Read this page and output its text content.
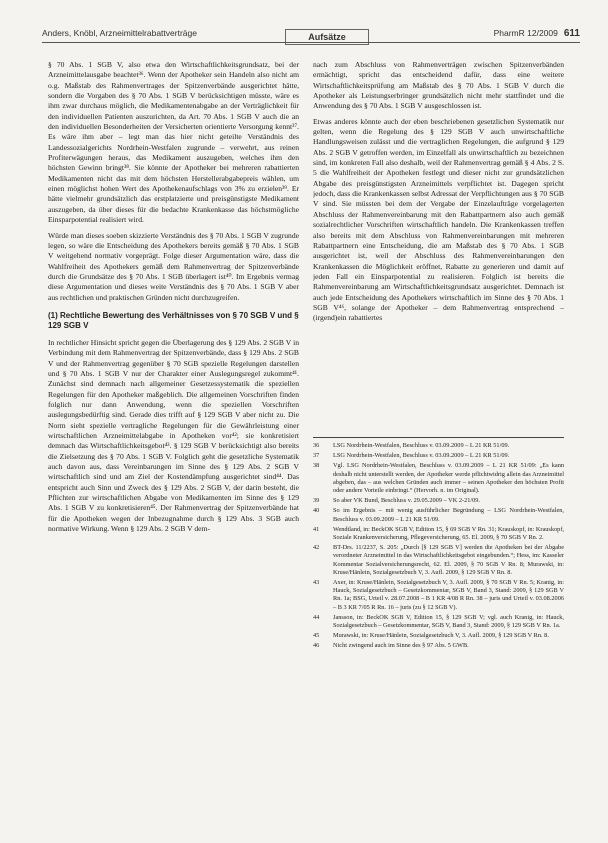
Anders, Knöbl, Arzneimittelrabattverträge	Aufsätze	PharmR 12/2009 611

§ 70 Abs. 1 SGB V, also etwa den Wirtschaftlichkeitsgrundsatz, bei der Arzneimittelausgabe beachte⁠t³⁶. Wenn der Apotheker sein Handeln also nicht am o.g. Maßstab des Rahmenvertrages der Spitzenverbände ausgerichtet hätte, sondern die Vorgaben des § 70 Abs. 1 SGB V berücksichtigen müsste, wäre es ihm zwar durchaus möglich, die Medikamentenabgabe an der Verträglichkeit für den individuellen Patienten auszurichten, da Art. 70 Abs. 1 SGB V auch die an den individuellen Besonderheiten der Versicherten orientierte Versorgung kennt³⁷. Es wäre ihm aber – legt man das hier nicht geteilte Verständnis des Landessozialgerichts Nordrhein-Westfalen zugrunde – verwehrt, aus reinen Profiterwägungen heraus, das Medikament auszugeben, welches ihm den höchsten Gewinn bringt³⁸. Sie könnte der Apotheker bei mehreren rabattierten Medikamenten nicht das mit dem höchsten Herstellerabgabepreis wählen, um einen möglichst hohen Wert des Apothekenaufschlags von 3% zu erzielen³⁹. Er hätte vielmehr grundsätzlich das erstplatzierte und preisgünstigste Medikament auszugeben, da über dieses für die bedachte Krankenkasse das höchstmögliche Einsparpotential realisiert wird.

Würde man dieses soeben skizzierte Verständnis des § 70 Abs. 1 SGB V zugrunde legen, so wäre die Entscheidung des Apothekers bereits gemäß § 70 Abs. 1 SGB V weitgehend normativ vorgeprägt. Folge dieser Argumentation wäre, dass die Wahlfreiheit des Apothekers gemäß dem Rahmenvertrag der Spitzenverbände durch die Grundsätze des § 70 Abs. 1 SGB überlagert ist⁴⁰. Im Ergebnis vermag diese Argumentation und dieses weite Verständnis des § 70 Abs. 1 SGB V aber aus rechtlichen und praktischen Gründen nicht durchzugreifen.

(1) Rechtliche Bewertung des Verhältnisses von § 70 SGB V und § 129 SGB V

In rechtlicher Hinsicht spricht gegen die Überlagerung des § 129 Abs. 2 SGB V in Verbindung mit dem Rahmenvertrag der Spitzenverbände, dass § 129 Abs. 2 SGB V und der Rahmenvertrag gegenüber § 70 SGB spezielle Regelungen darstellen und § 70 Abs. 1 SGB V nur der Charakter einer Auslegungsregel zukommt⁴¹. Zunächst sind demnach nach allgemeiner Gesetzessystematik die speziellen Regelungen für den Apotheker maßgeblich. Die allgemeinen Vorschriften finden folglich nur dann Anwendung, wenn die speziellen Vorschriften auslegungsbedürftig sind. Gerade dies trifft auf § 129 SGB V aber nicht zu. Die Norm sieht spezielle vertragliche Regelungen für die Gewährleistung einer wirtschaftlichen Arzneimittelabgabe in Apotheken vor⁴²; sie konkretisiert demnach das Wirtschaftlichkeitsgebot⁴³. § 129 SGB V berücksichtigt also bereits die Zielsetzung des § 70 Abs. 1 SGB V. Folglich geht die gesetzliche Systematik auch davon aus, dass Vereinbarungen im Sinne des § 129 Abs. 2 SGB V wirtschaftlich sind und am Ziel der Kostendämpfung ausgerichtet sind⁴⁴. Das entspricht auch Sinn und Zweck des § 129 Abs. 2 SGB V, der darin besteht, die Pflichten zur wirtschaftlichen Abgabe von Medikamenten im Sinne des § 129 Abs. 1 SGB V zu konkretisieren⁴⁵. Der Rahmenvertrag der Spitzenverbände hat für die Apotheken wegen der Inbezugnahme durch § 129 Abs. 3 SGB auch normative Wirkung. Wenn § 129 Abs. 2 SGB V dem-

nach zum Abschluss von Rahmenverträgen zwischen Spitzenverbänden ermächtigt, spricht das entscheidend dafür, dass eine weitere Wirtschaftlichkeitsprüfung am Maßstab des § 70 Abs. 1 SGB V durch die Apotheker als Leistungserbringer grundsätzlich nicht mehr stattfindet und die Anwendung des § 70 Abs. 1 SGB V ausgeschlossen ist.

Etwas anderes könnte auch der eben beschriebenen gesetzlichen Systematik nur gelten, wenn die Regelung des § 129 SGB V auch unwirtschaftliche Handlungsweisen zulässt und die vertraglichen Regelungen, die aufgrund § 129 Abs. 2 SGB V getroffen werden, im Einzelfall als unwirtschaftlich zu bezeichnen sind, im konkreten Fall also deshalb, weil der Rahmenvertrag gemäß § 4 Abs. 2 S. 5 die Wahlfreiheit der Apotheken festlegt und dieser nicht zur grundsätzlichen Abgabe des preisgünstigsten Arzneimittels verpflichtet ist. Dagegen spricht jedoch, dass die Krankenkassen selbst Adressat der Verpflichtungen aus § 70 SGB V sind. Sie müssten bei dem der Vergabe der Einzelaufträge vorgelagerten Abschluss der Rahmenvereinbarung mit den Rabattpartnern also auch gemäß sozialrechtlicher Vorschriften wirtschaftlich handeln. Die Krankenkassen treffen also bereits mit dem Abschluss von Rahmenvereinbarungen mit mehreren Rabattpartnern eine Entscheidung, die am Maßstab des § 70 Abs. 1 SGB ausgerichtet ist, weil der Abschluss des Rahmenvereinbarungen den Krankenkassen die Möglichkeit eröffnet, Rabatte zu generieren und damit auf jeden Fall ein Einsparpotential zu realisieren. Folglich ist bereits die Rahmenvereinbarung am Wirtschaftlichkeitsgrundsatz ausgerichtet. Demnach ist auch jede Entscheidung des Apothekers wirtschaftlich im Sinne des § 70 Abs. 1 SGB V⁴⁶, solange der Apotheker – dem Rahmenvertrag entsprechend – (irgend)ein rabattiertes

36	LSG Nordrhein-Westfalen, Beschluss v. 03.09.2009 – L 21 KR 51/09.
37	LSG Nordrhein-Westfalen, Beschluss v. 03.09.2009 – L 21 KR 51/09.
38	Vgl. LSG Nordrhein-Westfalen, Beschluss v. 03.09.2009 – L 21 KR 51/09: „Es kann deshalb nicht unterstellt werden, der Apotheker werde pflichtwidrig allein das Arzneimittel abgeben, das – aus welchen Gründen auch immer – seinen Apotheker den höchsten Profit oder andere Vorteile einbringt.“ (Hervorh. n. im Original).
39	So aber VK Bund, Beschluss v. 29.05.2009 – VK 2-21/09.
40	So im Ergebnis – mit wenig ausführlicher Begründung – LSG Nordrhein-Westfalen, Beschluss v. 03.09.2009 – L 21 KR 51/09.
41	Wendtland, in: BeckOK SGB V, Edition 15, § 69 SGB V Rn. 31; Krauskopf, in: Krauskopf, Soziale Krankenversicherung, Pflegeversicherung, 65. El. 2009, § 70 SGB V Rn. 2.
42	BT-Drs. 11/2237, S. 205: „Durch [§ 129 SGB V] werden die Apotheken bei der Abgabe verordneter Arzneimittel in das Wirtschaftlichkeitsgebot eingebunden.“; Hess, im: Kasseler Kommentar Sozialversicherungsrecht, 62. El. 2009, § 70 SGB V Rn. 8; Murawski, in: Kruse/Hänlein, Sozialgesetzbuch V, 3. Aufl. 2009, § 129 SGB V Rn. 8.
43	Axer, in: Kruse/Hänlein, Sozialgesetzbuch V, 3. Aufl. 2009, § 70 SGB V Rn. 5; Kranig, in: Hauck, Sozialgesetzbuch – Gesetzkommentar, SGB V, Band 3, Stand: 2009, § 129 SGB V Rn. 1a; BSG, Urteil v. 28.07.2008 – B 1 KR 4/08 R Rn. 38 – juris und Urteil v. 03.08.2006 – B 3 KR 7/05 R Rn. 16 – juris (zu § 12 SGB V).
44	Jansson, in: BeckOK SGB V, Edition 15, § 129 SGB V; vgl. auch Kranig, in: Hauck, Sozialgesetzbuch – Gesetzkommentar, SGB V, Band 3, Stand: 2009, § 129 SGB V Rn. 1a.
45	Murawski, in: Kruse/Hänlein, Sozialgesetzbuch V, 3. Aufl. 2009, § 129 SGB V Rn. 8.
46	Nicht zwingend auch im Sinne des § 97 Abs. 5 GWB.
